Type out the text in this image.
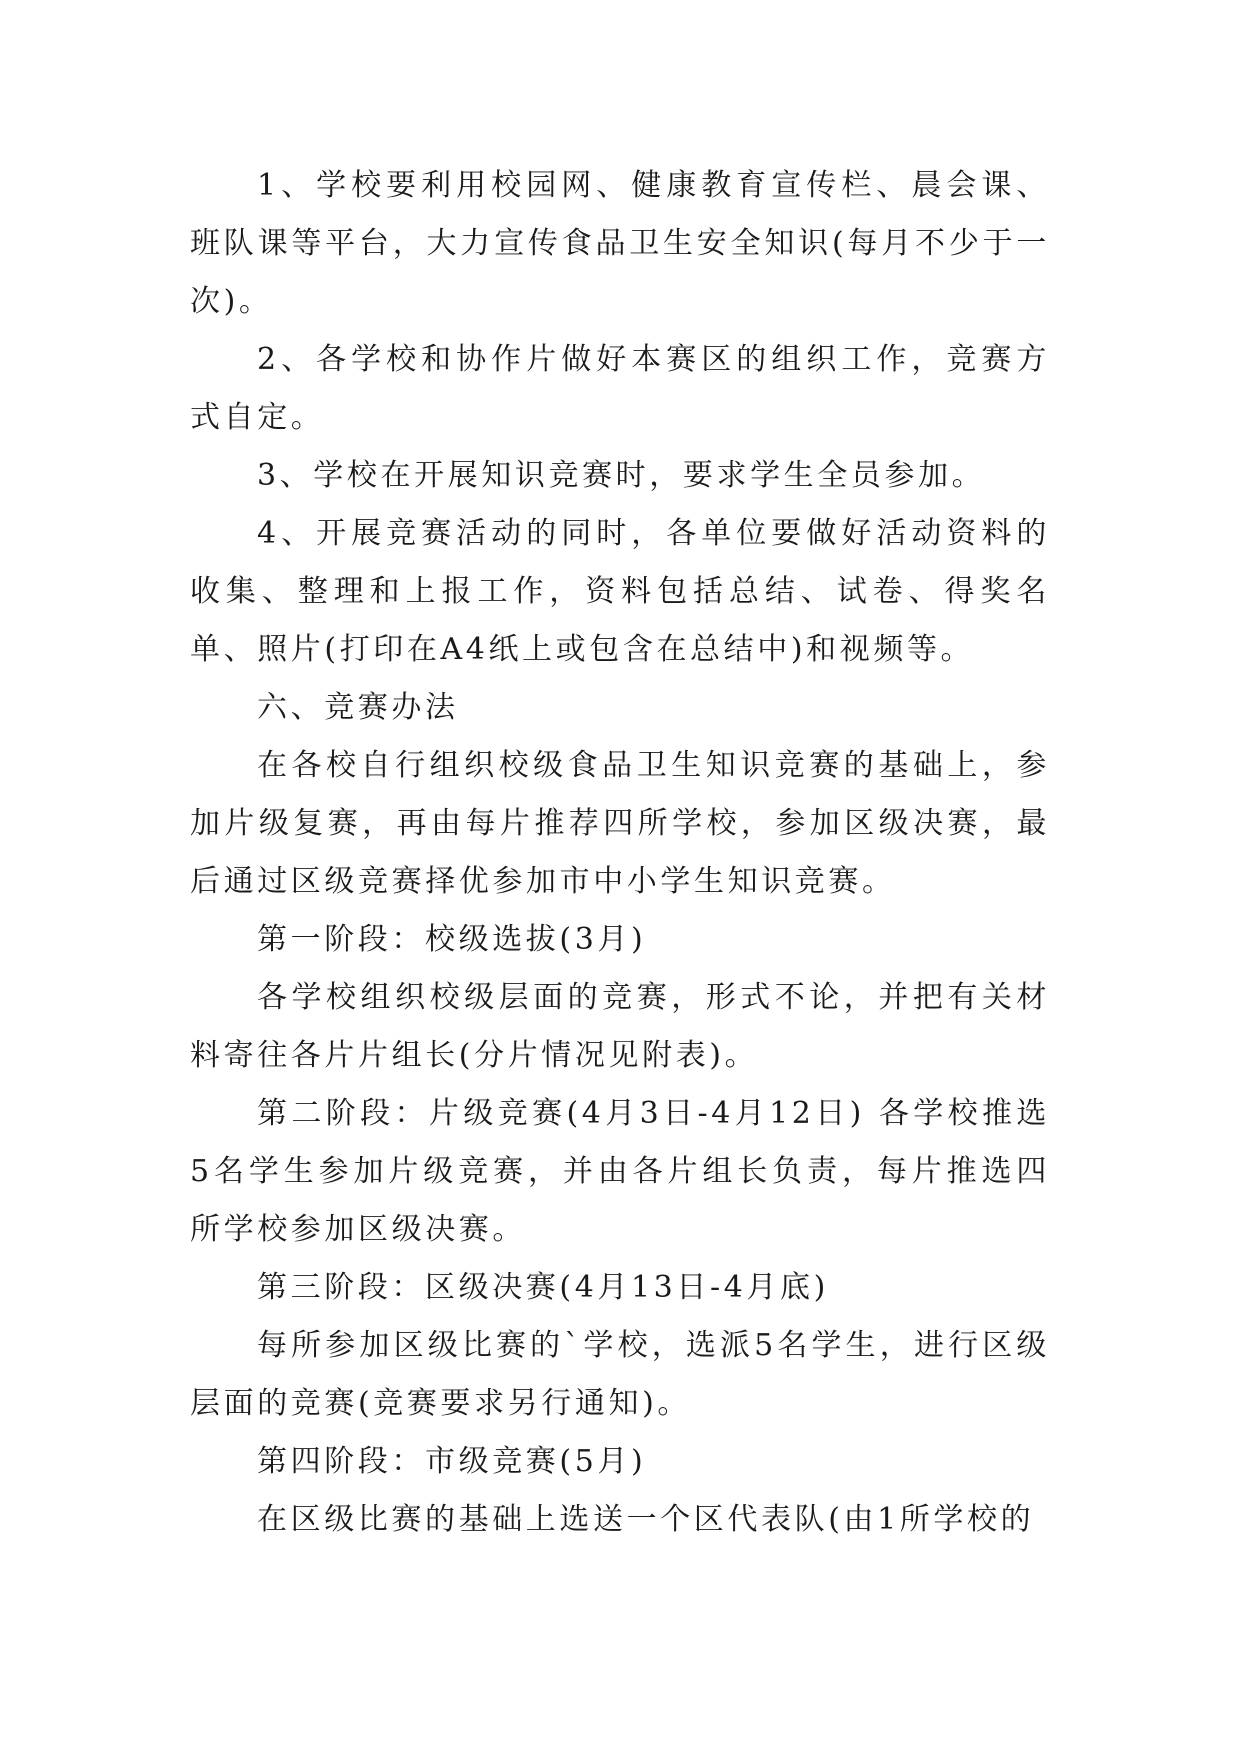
1、学校要利用校园网、健康教育宣传栏、晨会课、班队课等平台，大力宣传食品卫生安全知识(每月不少于一次)。

2、各学校和协作片做好本赛区的组织工作，竞赛方式自定。

3、学校在开展知识竞赛时，要求学生全员参加。

4、开展竞赛活动的同时，各单位要做好活动资料的收集、整理和上报工作，资料包括总结、试卷、得奖名单、照片(打印在A4纸上或包含在总结中)和视频等。

六、竞赛办法

在各校自行组织校级食品卫生知识竞赛的基础上，参加片级复赛，再由每片推荐四所学校，参加区级决赛，最后通过区级竞赛择优参加市中小学生知识竞赛。

第一阶段：校级选拔(3月)

各学校组织校级层面的竞赛，形式不论，并把有关材料寄往各片片组长(分片情况见附表)。

第二阶段：片级竞赛(4月3日-4月12日) 各学校推选5名学生参加片级竞赛，并由各片组长负责，每片推选四所学校参加区级决赛。

第三阶段：区级决赛(4月13日-4月底)

每所参加区级比赛的`学校，选派5名学生，进行区级层面的竞赛(竞赛要求另行通知)。

第四阶段：市级竞赛(5月)

在区级比赛的基础上选送一个区代表队(由1所学校的
